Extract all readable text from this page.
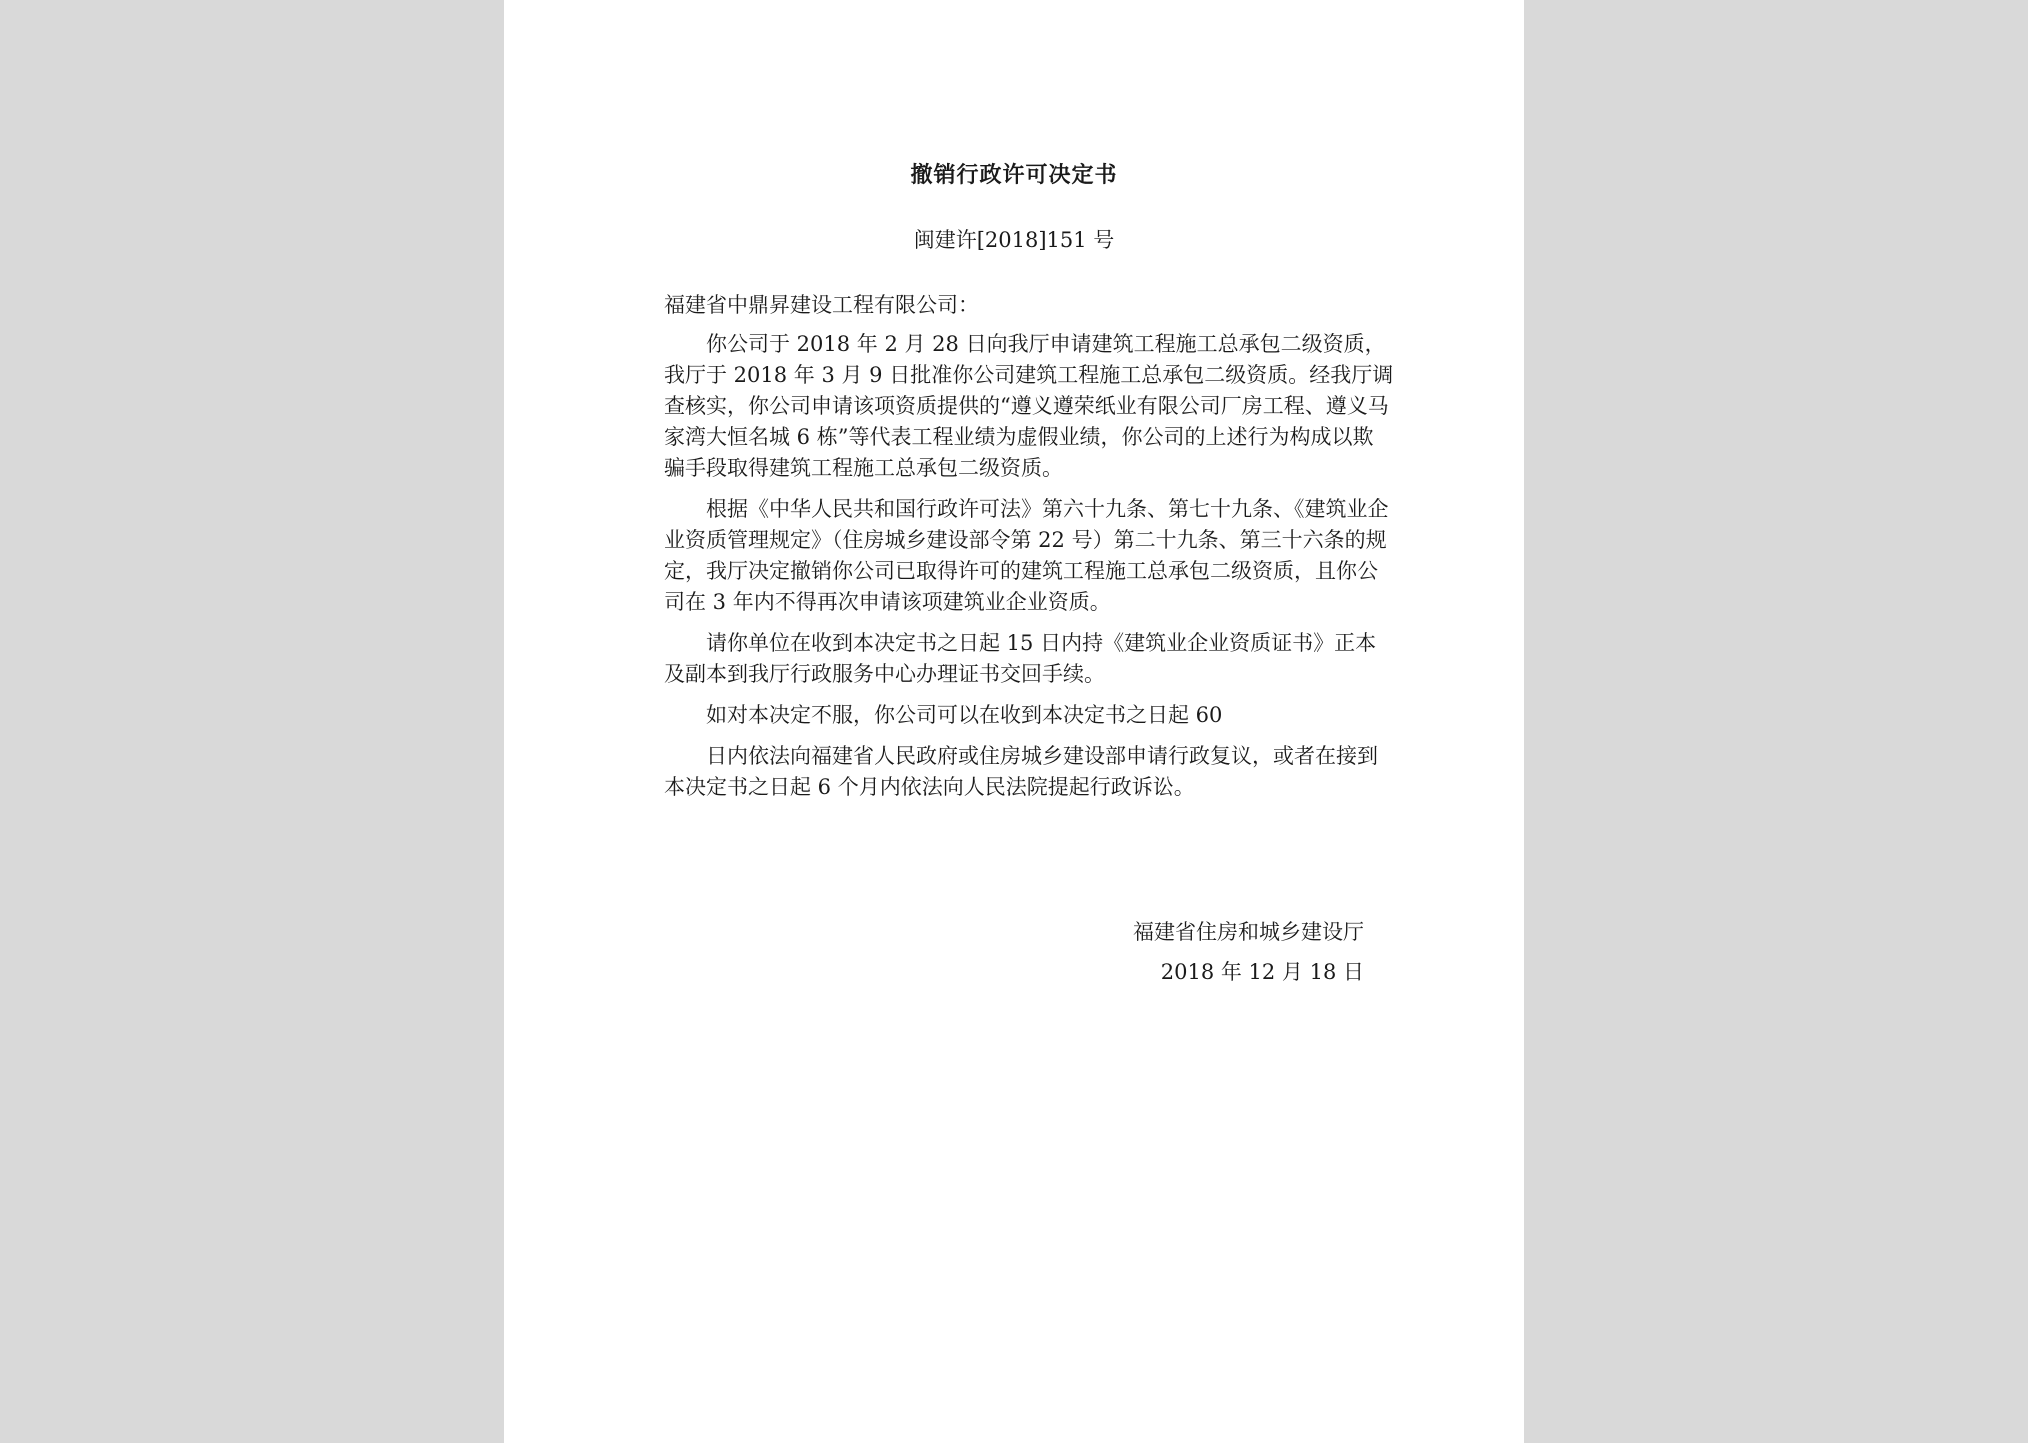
撤销行政许可决定书
闽建许[2018]151 号

福建省中鼎昇建设工程有限公司：

你公司于 2018 年 2 月 28 日向我厅申请建筑工程施工总承包二级资质，我厅于 2018 年 3 月 9 日批准你公司建筑工程施工总承包二级资质。经我厅调查核实，你公司申请该项资质提供的“遵义遵荣纸业有限公司厂房工程、遵义马家湾大恒名城 6 栋”等代表工程业绩为虚假业绩，你公司的上述行为构成以欺骗手段取得建筑工程施工总承包二级资质。

根据《中华人民共和国行政许可法》第六十九条、第七十九条、《建筑业企业资质管理规定》（住房城乡建设部令第 22 号）第二十九条、第三十六条的规定，我厅决定撤销你公司已取得许可的建筑工程施工总承包二级资质，且你公司在 3 年内不得再次申请该项建筑业企业资质。

请你单位在收到本决定书之日起 15 日内持《建筑业企业资质证书》正本及副本到我厅行政服务中心办理证书交回手续。

如对本决定不服，你公司可以在收到本决定书之日起 60

日内依法向福建省人民政府或住房城乡建设部申请行政复议，或者在接到本决定书之日起 6 个月内依法向人民法院提起行政诉讼。

福建省住房和城乡建设厅
2018 年 12 月 18 日
